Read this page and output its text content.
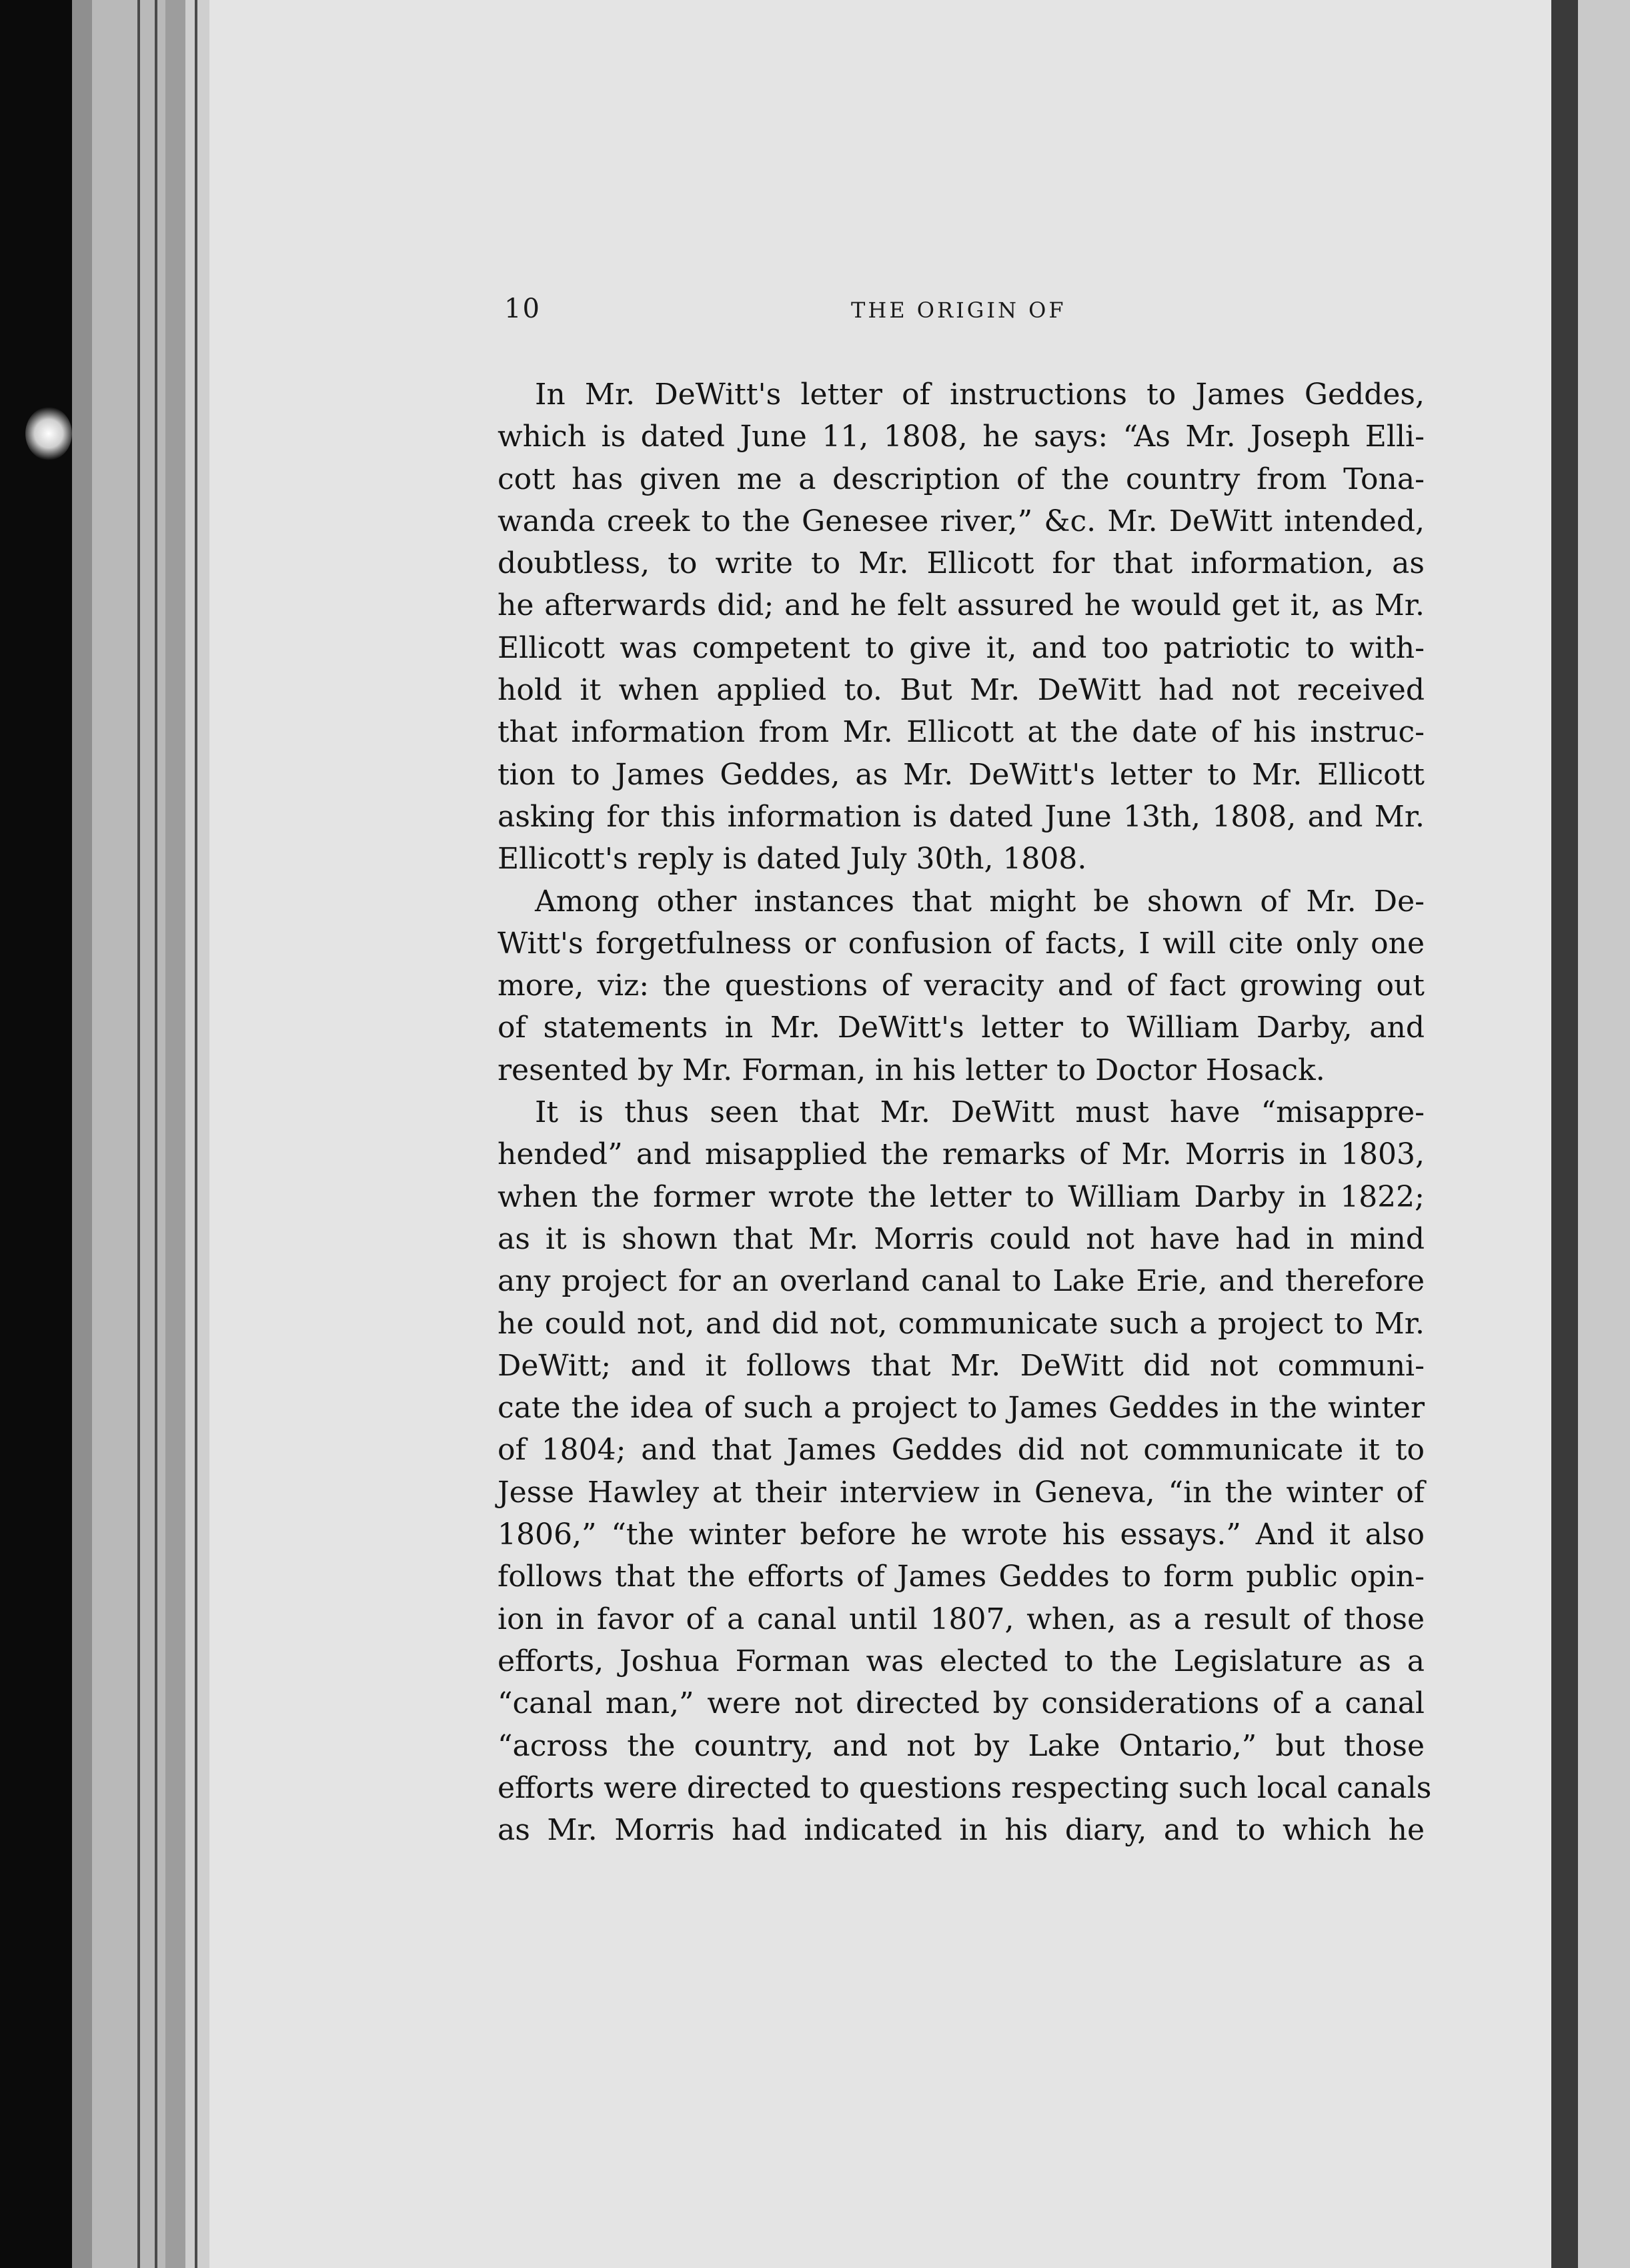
10	THE ORIGIN OF
In Mr. DeWitt's letter of instructions to James Geddes,
which is dated June 11, 1808, he says: “As Mr. Joseph Elli-
cott has given me a description of the country from Tona-
wanda creek to the Genesee river,” &c. Mr. DeWitt intended,
doubtless, to write to Mr. Ellicott for that information, as
he afterwards did; and he felt assured he would get it, as Mr.
Ellicott was competent to give it, and too patriotic to with-
hold it when applied to. But Mr. DeWitt had not received
that information from Mr. Ellicott at the date of his instruc-
tion to James Geddes, as Mr. DeWitt's letter to Mr. Ellicott
asking for this information is dated June 13th, 1808, and Mr.
Ellicott's reply is dated July 30th, 1808.
Among other instances that might be shown of Mr. De-
Witt's forgetfulness or confusion of facts, I will cite only one
more, viz: the questions of veracity and of fact growing out
of statements in Mr. DeWitt's letter to William Darby, and
resented by Mr. Forman, in his letter to Doctor Hosack.
It is thus seen that Mr. DeWitt must have “misappre-
hended” and misapplied the remarks of Mr. Morris in 1803,
when the former wrote the letter to William Darby in 1822;
as it is shown that Mr. Morris could not have had in mind
any project for an overland canal to Lake Erie, and therefore
he could not, and did not, communicate such a project to Mr.
DeWitt; and it follows that Mr. DeWitt did not communi-
cate the idea of such a project to James Geddes in the winter
of 1804; and that James Geddes did not communicate it to
Jesse Hawley at their interview in Geneva, “in the winter of
1806,” “the winter before he wrote his essays.” And it also
follows that the efforts of James Geddes to form public opin-
ion in favor of a canal until 1807, when, as a result of those
efforts, Joshua Forman was elected to the Legislature as a
“canal man,” were not directed by considerations of a canal
“across the country, and not by Lake Ontario,” but those
efforts were directed to questions respecting such local canals
as Mr. Morris had indicated in his diary, and to which he
